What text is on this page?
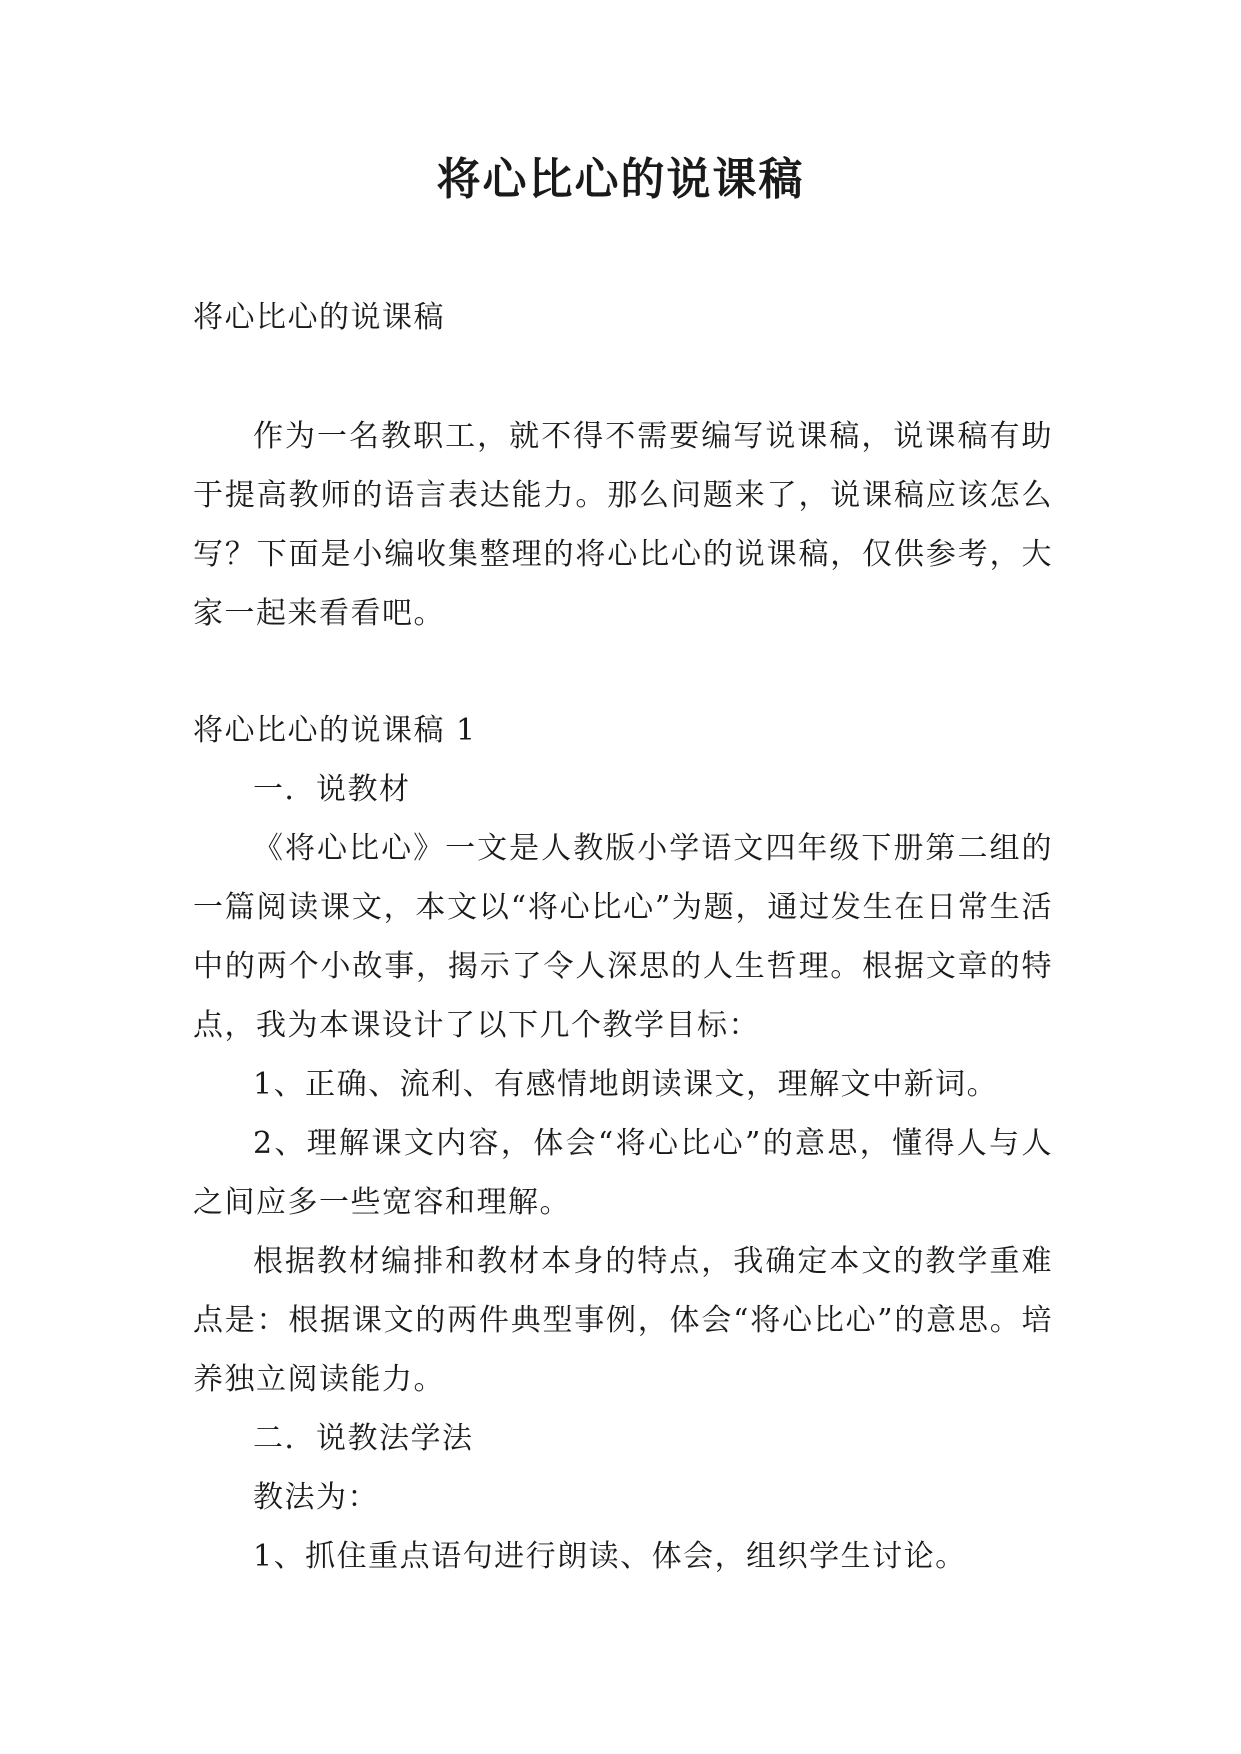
将心比心的说课稿

将心比心的说课稿

作为一名教职工，就不得不需要编写说课稿，说课稿有助于提高教师的语言表达能力。那么问题来了，说课稿应该怎么写？下面是小编收集整理的将心比心的说课稿，仅供参考，大家一起来看看吧。

将心比心的说课稿 1

一．说教材

《将心比心》一文是人教版小学语文四年级下册第二组的一篇阅读课文，本文以“将心比心”为题，通过发生在日常生活中的两个小故事，揭示了令人深思的人生哲理。根据文章的特点，我为本课设计了以下几个教学目标：

1、正确、流利、有感情地朗读课文，理解文中新词。

2、理解课文内容，体会“将心比心”的意思，懂得人与人之间应多一些宽容和理解。

根据教材编排和教材本身的特点，我确定本文的教学重难点是：根据课文的两件典型事例，体会“将心比心”的意思。培养独立阅读能力。

二．说教法学法

教法为：

1、抓住重点语句进行朗读、体会，组织学生讨论。
